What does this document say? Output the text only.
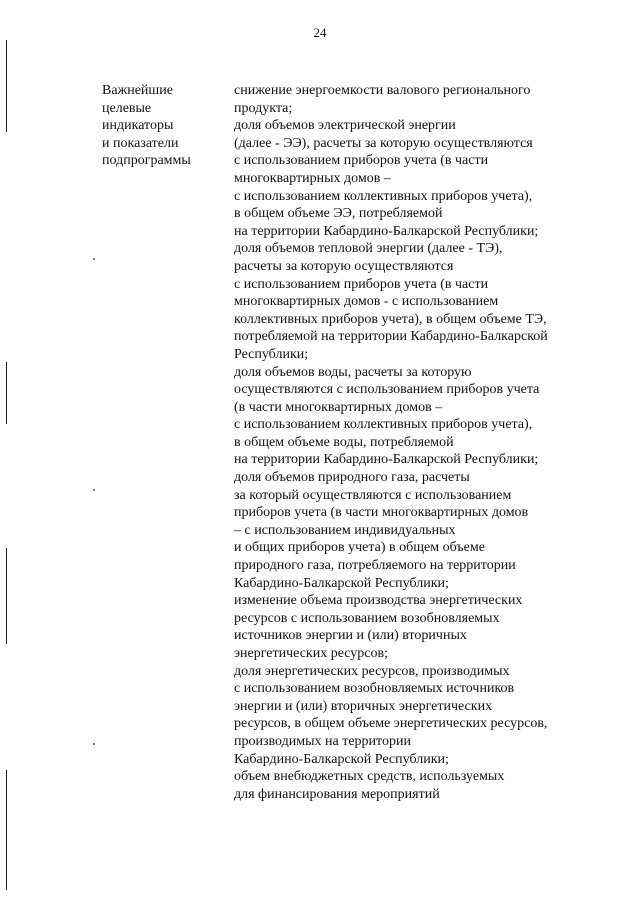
24
Важнейшие
целевые
индикаторы
и показатели
подпрограммы
снижение энергоемкости валового регионального
продукта;
доля объемов электрической энергии
(далее - ЭЭ), расчеты за которую осуществляются
с использованием приборов учета (в части
многоквартирных домов –
с использованием коллективных приборов учета),
в общем объеме ЭЭ, потребляемой
на территории Кабардино-Балкарской Республики;
доля объемов тепловой энергии (далее - ТЭ),
расчеты за которую осуществляются
с использованием приборов учета (в части
многоквартирных домов - с использованием
коллективных приборов учета), в общем объеме ТЭ,
потребляемой на территории Кабардино-Балкарской
Республики;
доля объемов воды, расчеты за которую
осуществляются с использованием приборов учета
(в части многоквартирных домов –
с использованием коллективных приборов учета),
в общем объеме воды, потребляемой
на территории Кабардино-Балкарской Республики;
доля объемов природного газа, расчеты
за который осуществляются с использованием
приборов учета (в части многоквартирных домов
– с использованием индивидуальных
и общих приборов учета) в общем объеме
природного газа, потребляемого на территории
Кабардино-Балкарской Республики;
изменение объема производства энергетических
ресурсов с использованием возобновляемых
источников энергии и (или) вторичных
энергетических ресурсов;
доля энергетических ресурсов, производимых
с использованием возобновляемых источников
энергии и (или) вторичных энергетических
ресурсов, в общем объеме энергетических ресурсов,
производимых на территории
Кабардино-Балкарской Республики;
объем внебюджетных средств, используемых
для финансирования мероприятий
